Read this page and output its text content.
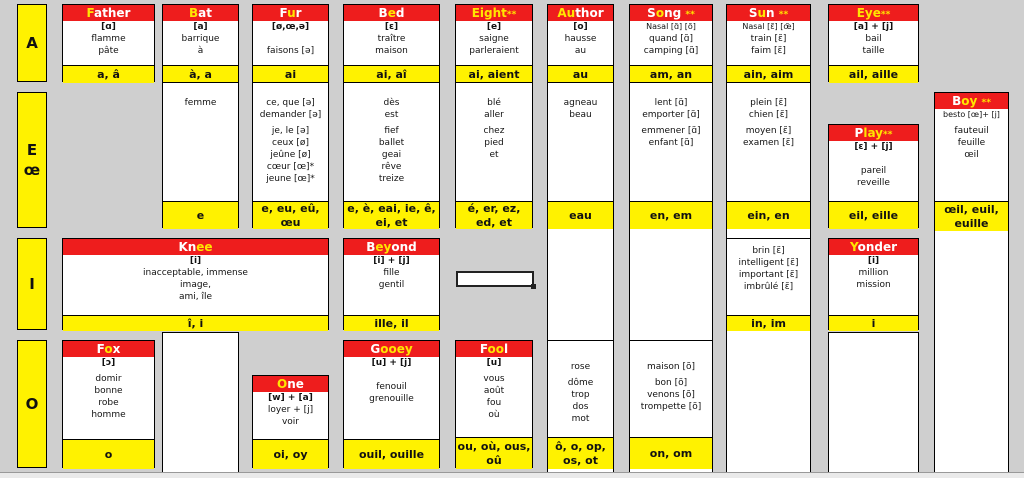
A
E œ
I
O
Father
[ɑ]
flamme
pâte
a, â
Bat
[a]
barrique
à
à, a
Fur
[ø,œ,ə]
faisons [ə]
ai
Bed
[ɛ]
traître
maison
ai, aî
Eight**
[e]
saigne
parleraient
ai, aient
Author
[o]
hausse
au
au
Song **
Nasal [ɑ̃] [õ]
quand [ɑ̃]
camping [ɑ̃]
am, an
Sun **
Nasal [ɛ̃] [œ̃]
train [ɛ̃]
faim [ɛ̃]
ain, aim
Eye**
[a] + [j]
bail
taille
ail, aille
femme
e
ce, que [ə]
demander [ə]
je, le [ə]
ceux [ø]
jeûne [ø]
cœur [œ]*
jeune [œ]*
e, eu, eû, œu
dès
est
fief
ballet
geai
rêve
treize
e, è, eai, ie, ê, ei, et
blé
aller
chez
pied
et
é, er, ez, ed, et
agneau
beau
eau
lent [ɑ̃]
emporter [ɑ̃]
emmener [ɑ̃]
enfant [ɑ̃]
en, em
plein [ɛ̃]
chien [ɛ̃]
moyen [ɛ̃]
examen [ɛ̃]
ein, en
Play**
[ɛ] + [j]
pareil
reveille
eil, eille
Boy **
besto [œ]+ [j]
fauteuil
feuille
œil
œil, euil, euille
Knee
[i]
inacceptable, immense
image,
ami, île
î, i
Beyond
[i] + [j]
fille
gentil
ille, il
brin [ɛ̃]
intelligent [ɛ̃]
important [ɛ̃]
imbrûlé [ɛ̃]
in, im
Yonder
[i]
million
mission
i
Fox
[ɔ]
domir
bonne
robe
homme
o
One
[w] + [a]
loyer + [j]
voir
oi, oy
Gooey
[u] + [j]
fenouil
grenouille
ouil, ouille
Fool
[u]
vous
août
fou
où
ou, où, ous, oû
rose
dôme
trop
dos
mot
ô, o, op, os, ot
maison [õ]
bon [õ]
venons [õ]
trompette [õ]
on, om
